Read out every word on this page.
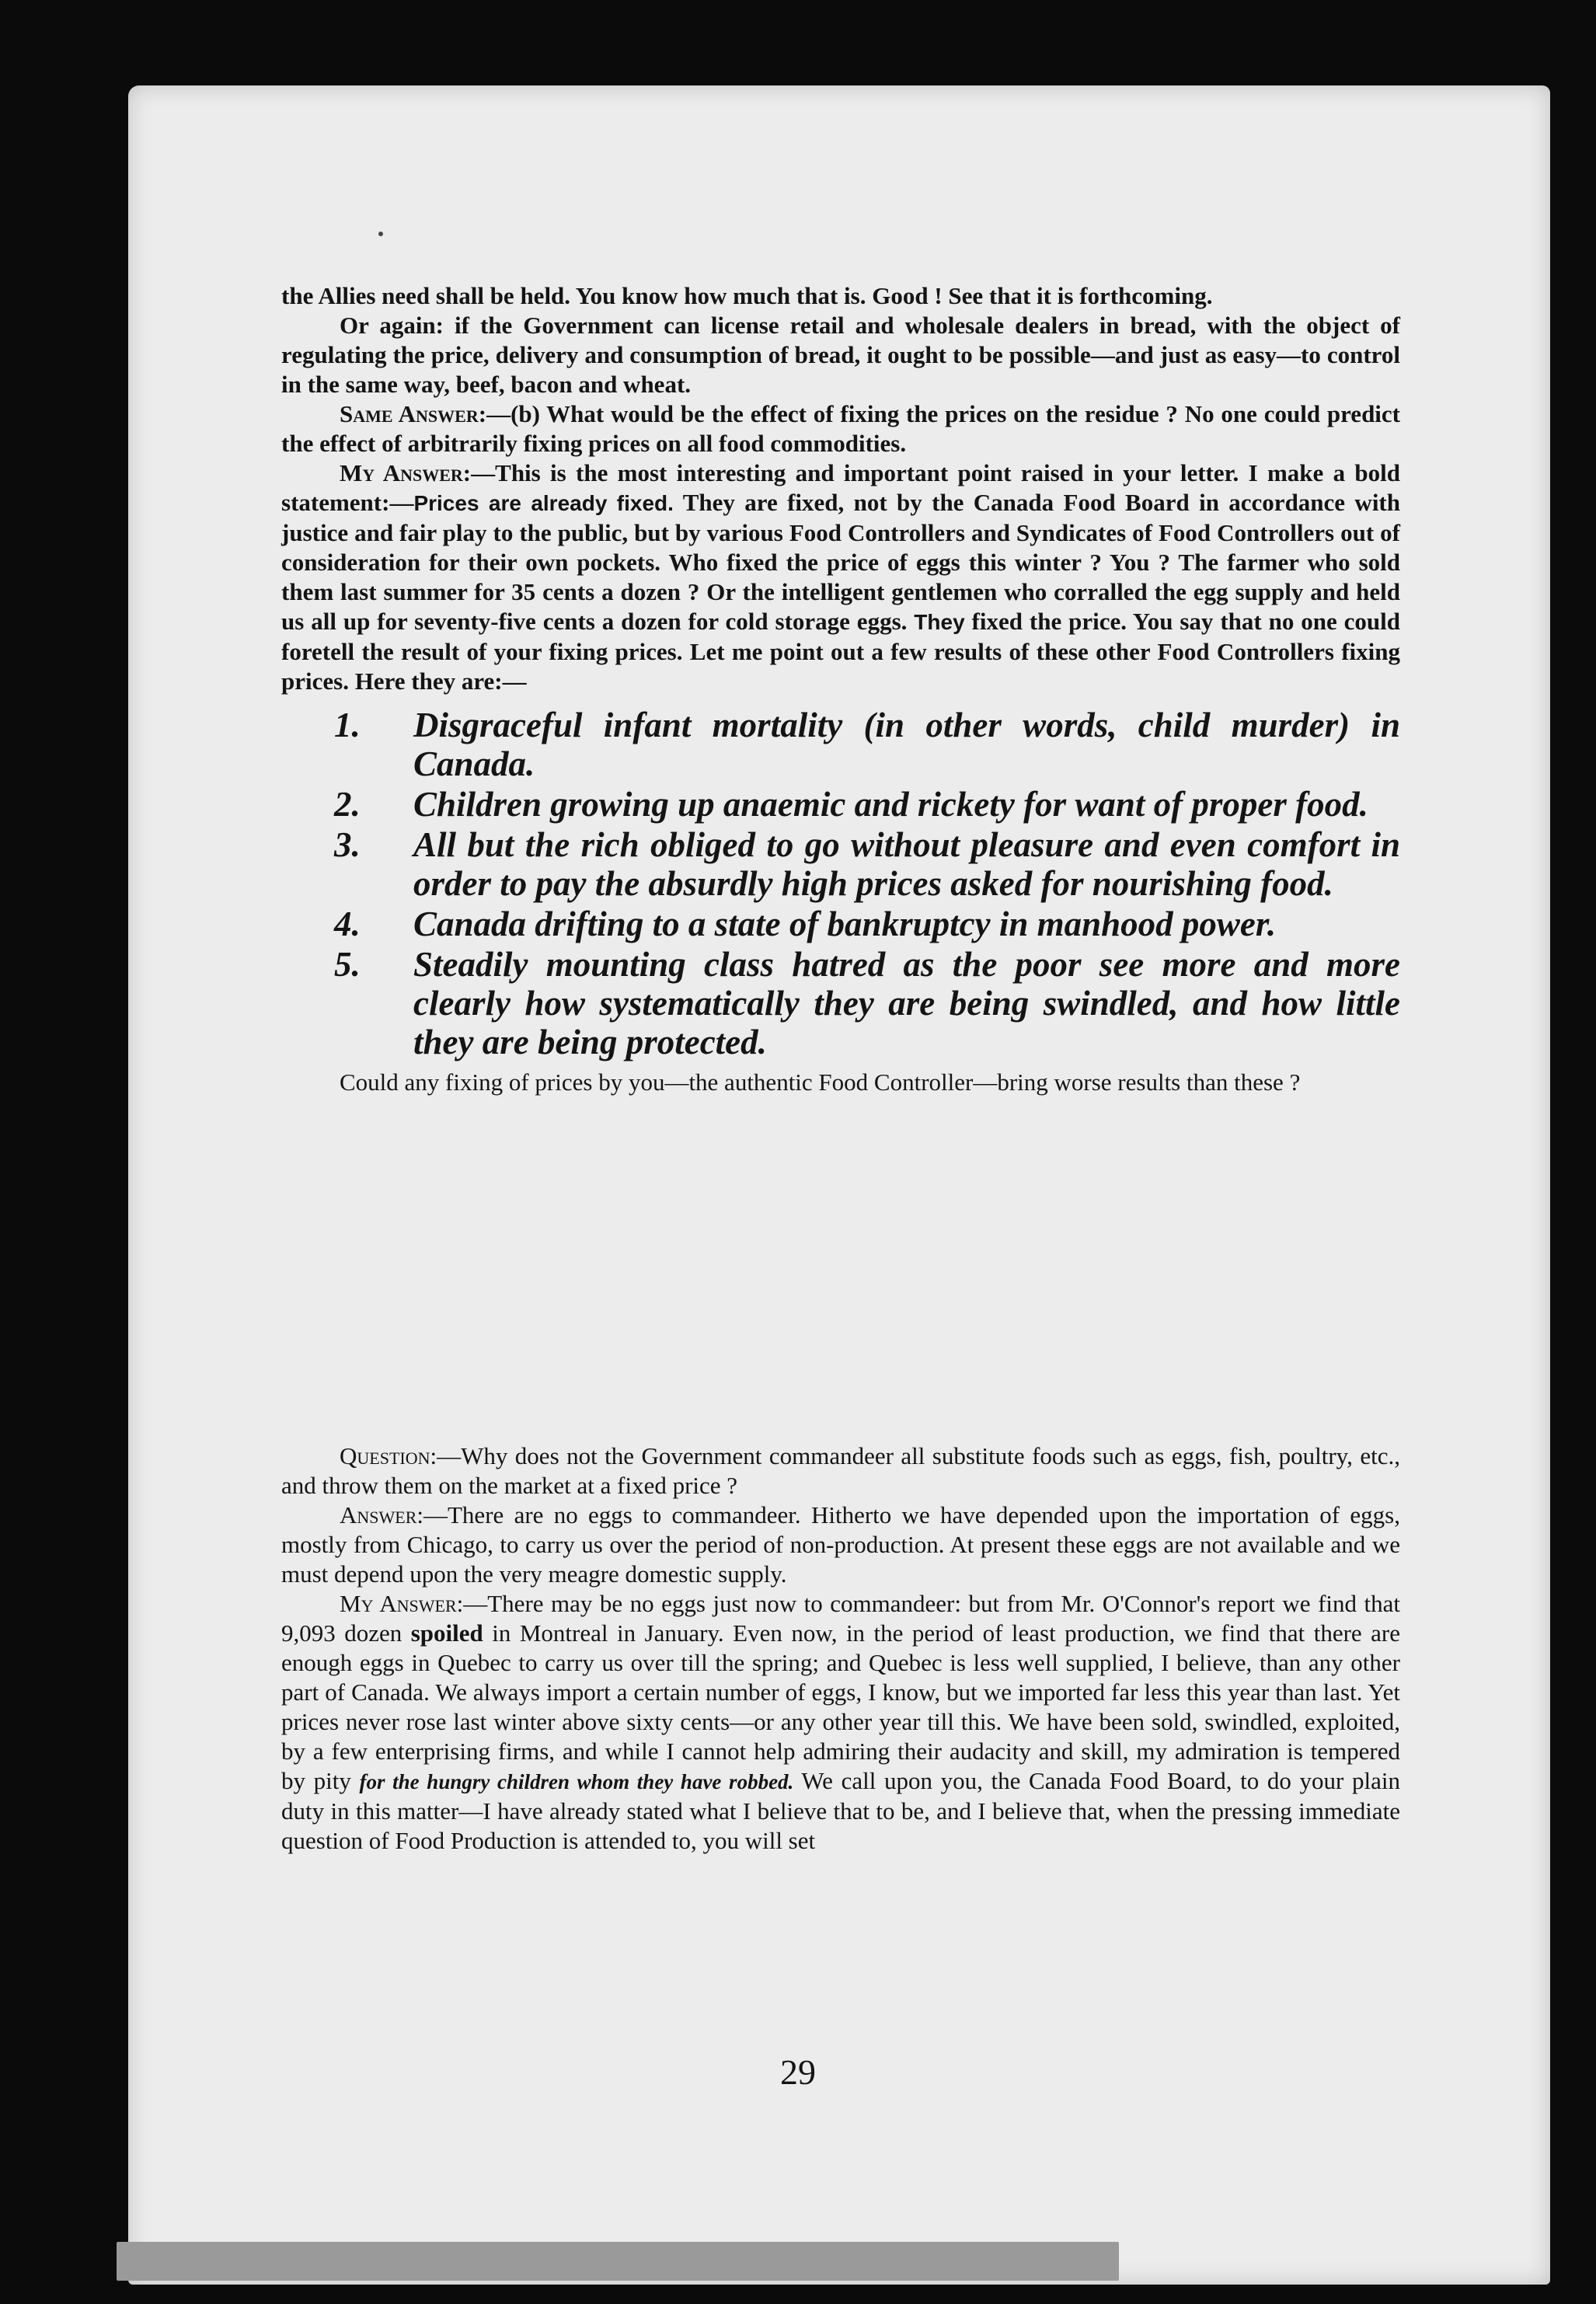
the Allies need shall be held. You know how much that is. Good ! See that it is forthcoming.

Or again: if the Government can license retail and wholesale dealers in bread, with the object of regulating the price, delivery and consumption of bread, it ought to be possible—and just as easy—to control in the same way, beef, bacon and wheat.

Same Answer:—(b) What would be the effect of fixing the prices on the residue ? No one could predict the effect of arbitrarily fixing prices on all food commodities.

My Answer:—This is the most interesting and important point raised in your letter. I make a bold statement:—Prices are already fixed. They are fixed, not by the Canada Food Board in accordance with justice and fair play to the public, but by various Food Controllers and Syndicates of Food Controllers out of consideration for their own pockets. Who fixed the price of eggs this winter ? You ? The farmer who sold them last summer for 35 cents a dozen ? Or the intelligent gentlemen who corralled the egg supply and held us all up for seventy-five cents a dozen for cold storage eggs. They fixed the price. You say that no one could foretell the result of your fixing prices. Let me point out a few results of these other Food Controllers fixing prices. Here they are:—

1. Disgraceful infant mortality (in other words, child murder) in Canada.
2. Children growing up anaemic and rickety for want of proper food.
3. All but the rich obliged to go without pleasure and even comfort in order to pay the absurdly high prices asked for nourishing food.
4. Canada drifting to a state of bankruptcy in manhood power.
5. Steadily mounting class hatred as the poor see more and more clearly how systematically they are being swindled, and how little they are being protected.

Could any fixing of prices by you—the authentic Food Controller—bring worse results than these ?

Question:—Why does not the Government commandeer all substitute foods such as eggs, fish, poultry, etc., and throw them on the market at a fixed price ?

Answer:—There are no eggs to commandeer. Hitherto we have depended upon the importation of eggs, mostly from Chicago, to carry us over the period of non-production. At present these eggs are not available and we must depend upon the very meagre domestic supply.

My Answer:—There may be no eggs just now to commandeer: but from Mr. O'Connor's report we find that 9,093 dozen spoiled in Montreal in January. Even now, in the period of least production, we find that there are enough eggs in Quebec to carry us over till the spring; and Quebec is less well supplied, I believe, than any other part of Canada. We always import a certain number of eggs, I know, but we imported far less this year than last. Yet prices never rose last winter above sixty cents—or any other year till this. We have been sold, swindled, exploited, by a few enterprising firms, and while I cannot help admiring their audacity and skill, my admiration is tempered by pity for the hungry children whom they have robbed. We call upon you, the Canada Food Board, to do your plain duty in this matter—I have already stated what I believe that to be, and I believe that, when the pressing immediate question of Food Production is attended to, you will set

29
